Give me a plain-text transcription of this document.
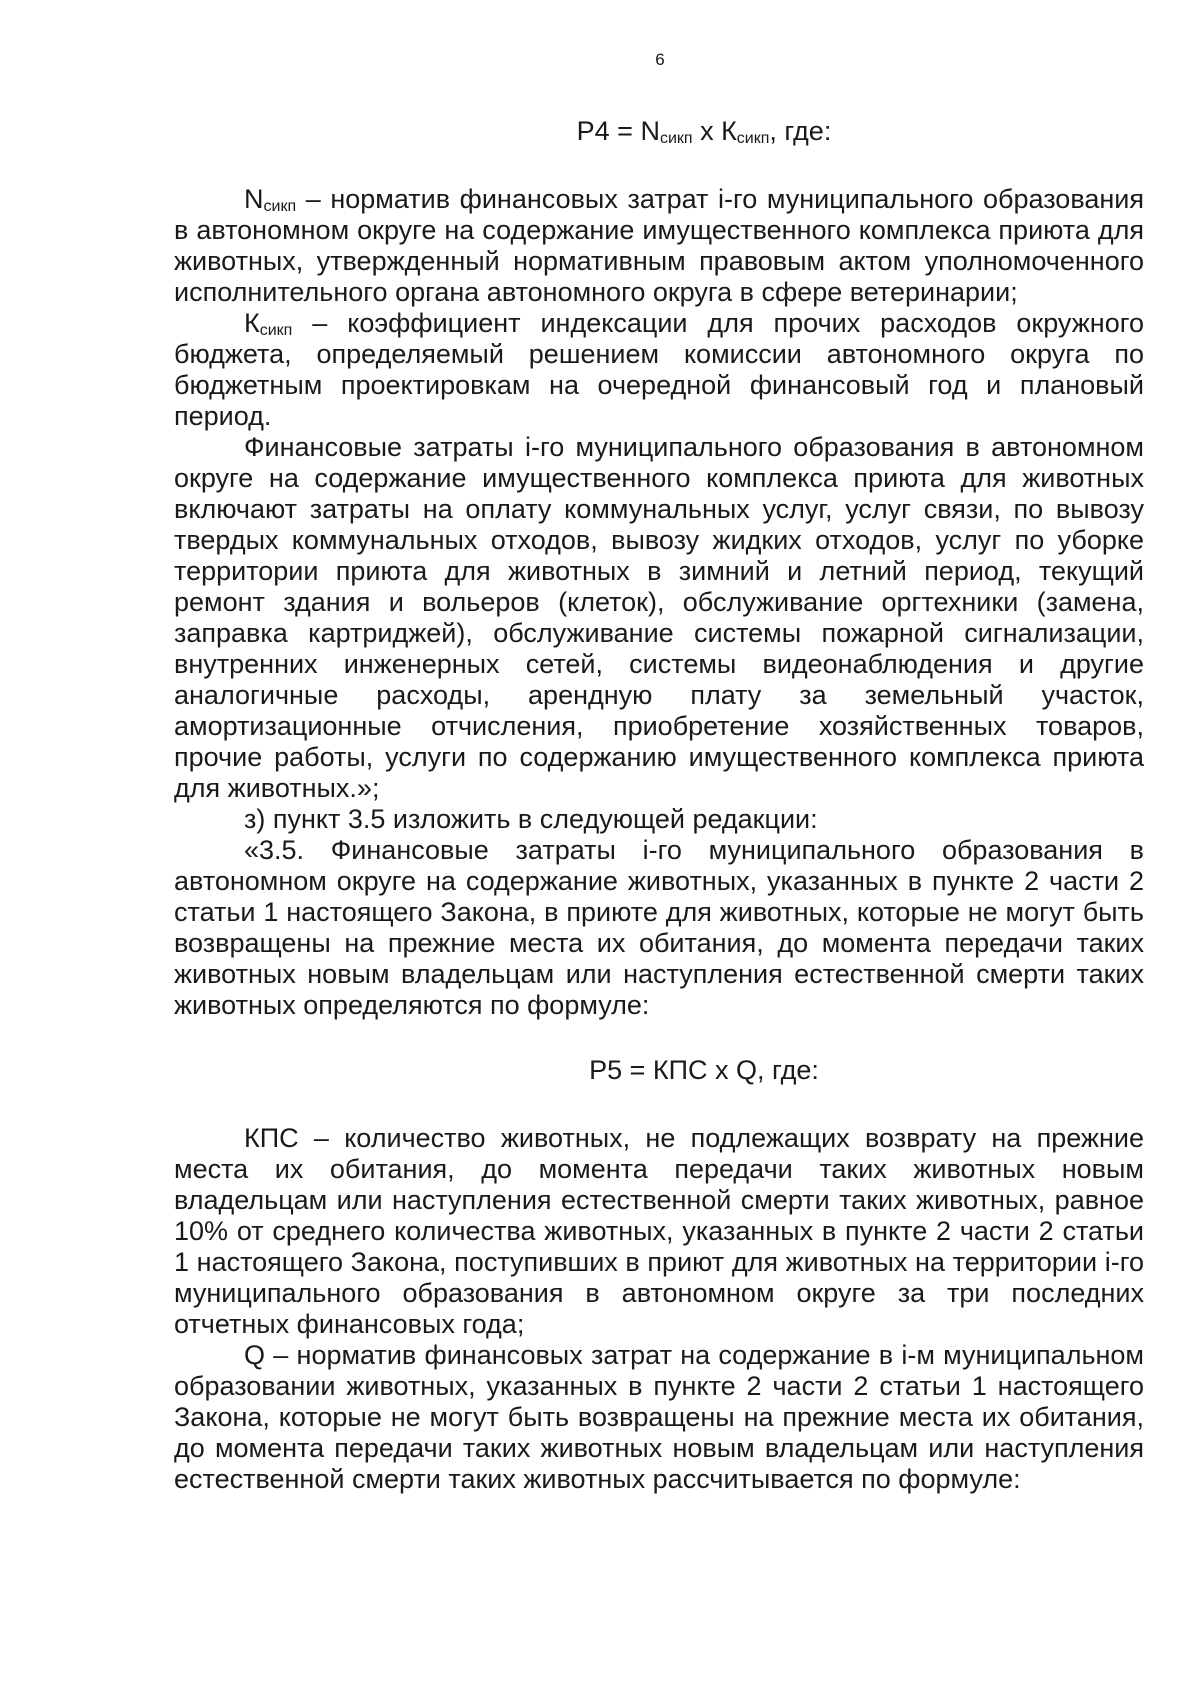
6

$Р4 = N_{сикп}$ х $К_{сикп}$, где:

$N_{сикп}$ – норматив финансовых затрат i-го муниципального образования в автономном округе на содержание имущественного комплекса приюта для животных, утвержденный нормативным правовым актом уполномоченного исполнительного органа автономного округа в сфере ветеринарии;

$К_{сикп}$ – коэффициент индексации для прочих расходов окружного бюджета, определяемый решением комиссии автономного округа по бюджетным проектировкам на очередной финансовый год и плановый период.

Финансовые затраты i-го муниципального образования в автономном округе на содержание имущественного комплекса приюта для животных включают затраты на оплату коммунальных услуг, услуг связи, по вывозу твердых коммунальных отходов, вывозу жидких отходов, услуг по уборке территории приюта для животных в зимний и летний период, текущий ремонт здания и вольеров (клеток), обслуживание оргтехники (замена, заправка картриджей), обслуживание системы пожарной сигнализации, внутренних инженерных сетей, системы видеонаблюдения и другие аналогичные расходы, арендную плату за земельный участок, амортизационные отчисления, приобретение хозяйственных товаров, прочие работы, услуги по содержанию имущественного комплекса приюта для животных.»;

з) пункт 3.5 изложить в следующей редакции:

«3.5. Финансовые затраты i-го муниципального образования в автономном округе на содержание животных, указанных в пункте 2 части 2 статьи 1 настоящего Закона, в приюте для животных, которые не могут быть возвращены на прежние места их обитания, до момента передачи таких животных новым владельцам или наступления естественной смерти таких животных определяются по формуле:

Р5 = КПС х Q, где:

КПС – количество животных, не подлежащих возврату на прежние места их обитания, до момента передачи таких животных новым владельцам или наступления естественной смерти таких животных, равное 10% от среднего количества животных, указанных в пункте 2 части 2 статьи 1 настоящего Закона, поступивших в приют для животных на территории i-го муниципального образования в автономном округе за три последних отчетных финансовых года;

Q – норматив финансовых затрат на содержание в i-м муниципальном образовании животных, указанных в пункте 2 части 2 статьи 1 настоящего Закона, которые не могут быть возвращены на прежние места их обитания, до момента передачи таких животных новым владельцам или наступления естественной смерти таких животных рассчитывается по формуле:
